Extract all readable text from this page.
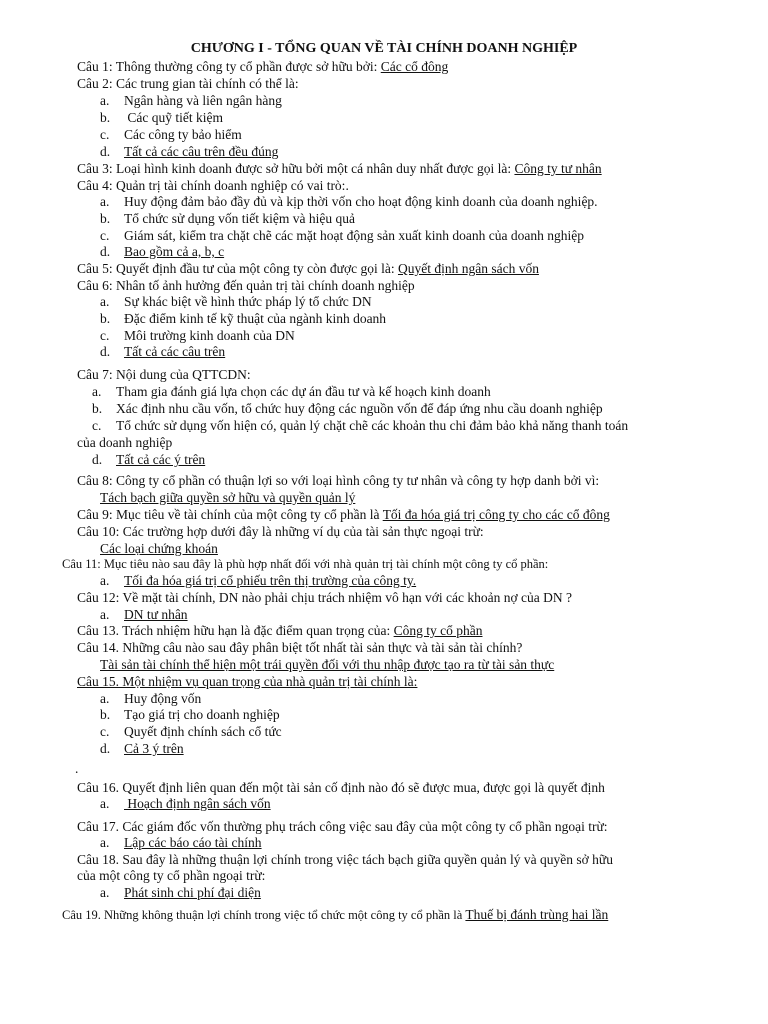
CHƯƠNG I - TỔNG QUAN VỀ TÀI CHÍNH DOANH NGHIỆP
Câu 1: Thông thường công ty cổ phần được sở hữu bởi: Các cổ đông
Câu 2: Các trung gian tài chính có thể là:
a. Ngân hàng và liên ngân hàng
b. Các quỹ tiết kiệm
c. Các công ty bảo hiểm
d. Tất cả các câu trên đều đúng
Câu 3: Loại hình kinh doanh được sở hữu bởi một cá nhân duy nhất được gọi là: Công ty tư nhân
Câu 4: Quản trị tài chính doanh nghiệp có vai trò:.
a. Huy động đảm bảo đầy đủ và kịp thời vốn cho hoạt động kinh doanh của doanh nghiệp.
b. Tổ chức sử dụng vốn tiết kiệm và hiệu quả
c. Giám sát, kiểm tra chặt chẽ các mặt hoạt động sản xuất kinh doanh của doanh nghiệp
d. Bao gồm cả a, b, c
Câu 5: Quyết định đầu tư của một công ty còn được gọi là: Quyết định ngân sách vốn
Câu 6: Nhân tố ảnh hưởng đến quản trị tài chính doanh nghiệp
a. Sự khác biệt về hình thức pháp lý tổ chức DN
b. Đặc điểm kinh tế kỹ thuật của ngành kinh doanh
c. Môi trường kinh doanh của DN
d. Tất cả các câu trên
Câu 7: Nội dung của QTTCDN:
a. Tham gia đánh giá lựa chọn các dự án đầu tư và kế hoạch kinh doanh
b. Xác định nhu cầu vốn, tổ chức huy động các nguồn vốn để đáp ứng nhu cầu doanh nghiệp
c. Tổ chức sử dụng vốn hiện có, quản lý chặt chẽ các khoản thu chi đảm bảo khả năng thanh toán
của doanh nghiệp
d. Tất cả các ý trên
Câu 8: Công ty cổ phần có thuận lợi so với loại hình công ty tư nhân và công ty hợp danh bởi vì:
Tách bạch giữa quyền sở hữu và quyền quản lý
Câu 9: Mục tiêu về tài chính của một công ty cổ phần là Tối đa hóa giá trị công ty cho các cổ đông
Câu 10: Các trường hợp dưới đây là những ví dụ của tài sản thực ngoại trừ:
Các loại chứng khoán
Câu 11: Mục tiêu nào sau đây là phù hợp nhất đối với nhà quản trị tài chính một công ty cổ phần:
a. Tối đa hóa giá trị cổ phiếu trên thị trường của công ty.
Câu 12: Về mặt tài chính, DN nào phải chịu trách nhiệm vô hạn với các khoản nợ của DN ?
a. DN tư nhân
Câu 13. Trách nhiệm hữu hạn là đặc điểm quan trọng của: Công ty cổ phần
Câu 14. Những câu nào sau đây phân biệt tốt nhất tài sản thực và tài sản tài chính?
Tài sản tài chính thể hiện một trái quyền đối với thu nhập được tạo ra từ tài sản thực
Câu 15. Một nhiệm vụ quan trọng của nhà quản trị tài chính là:
a. Huy động vốn
b. Tạo giá trị cho doanh nghiệp
c. Quyết định chính sách cổ tức
d. Cả 3 ý trên
.
Câu 16. Quyết định liên quan đến một tài sản cố định nào đó sẽ được mua, được gọi là quyết định
a. Hoạch định ngân sách vốn
Câu 17. Các giám đốc vốn thường phụ trách công việc sau đây của một công ty cổ phần ngoại trừ:
a. Lập các báo cáo tài chính
Câu 18. Sau đây là những thuận lợi chính trong việc tách bạch giữa quyền quản lý và quyền sở hữu
của một công ty cổ phần ngoại trừ:
a. Phát sinh chi phí đại diện
Câu 19. Những không thuận lợi chính trong việc tổ chức một công ty cổ phần là Thuế bị đánh trùng hai lần
